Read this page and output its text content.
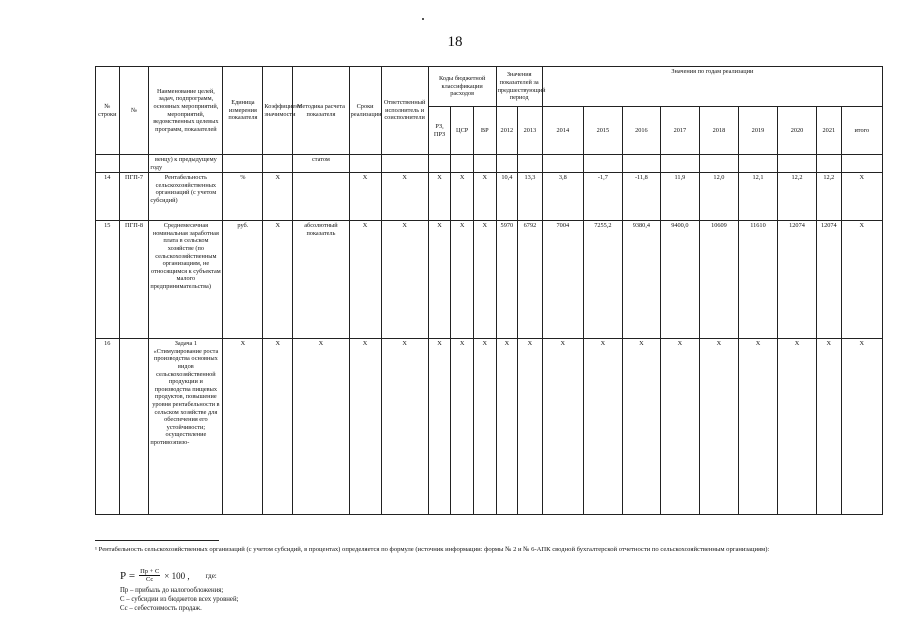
18
№ строки	№	Наименование целей, задач, подпрограмм, основных мероприятий, мероприятий, ведомственных целевых программ, показателей	Единица измерения показателя	Коэффициент значимости	Методика расчета показателя	Сроки реализации	Ответственный исполнитель и соисполнители	Коды бюджетной классификации расходов			Значения показателей за предшествующий период		Значения по годам реализации								
								РЗ, ПРЗ	ЦСР	ВР	2012	2013	2014	2015	2016	2017	2018	2019	2020	2021	итого
		венцу) к предыдущему году			статом																
14	ПГП-7	Рентабельность сельскохозяйственных организаций (с учетом субсидий)	%	X		X	X	X	X	X	10,4	13,3	3,8	-1,7	-11,8	11,9	12,0	12,1	12,2	12,2	X
15	ПГП-8	Среднемесячная номинальная заработная плата в сельском хозяйстве (по сельскохозяйственным организациям, не относящимся к субъектам малого предпринимательства)	руб.	X	абсолютный показатель	X	X	X	X	X	5970	6792	7004	7255,2	9380,4	9400,0	10609	11610	12074	12074	X
16		Задача 1 «Стимулирование роста производства основных видов сельскохозяйственной продукции и производства пищевых продуктов, повышение уровня рентабельности в сельском хозяйстве для обеспечения его устойчивости; осуществление противоэпизо-	X	X	X	X	X	X	X	X	X	X	X	X	X	X	X	X	X	X	X
¹ Рентабельность сельскохозяйственных организаций (с учетом субсидий, в процентах) определяется по формуле (источник информации: формы № 2 и № 6-АПК сводной бухгалтерской отчетности по сельскохозяйственным организациям):
$Р = \frac{Пр + С}{Сс} \times 100$ , где:
Пр – прибыль до налогообложения;
С – субсидии из бюджетов всех уровней;
Сс – себестоимость продаж.
